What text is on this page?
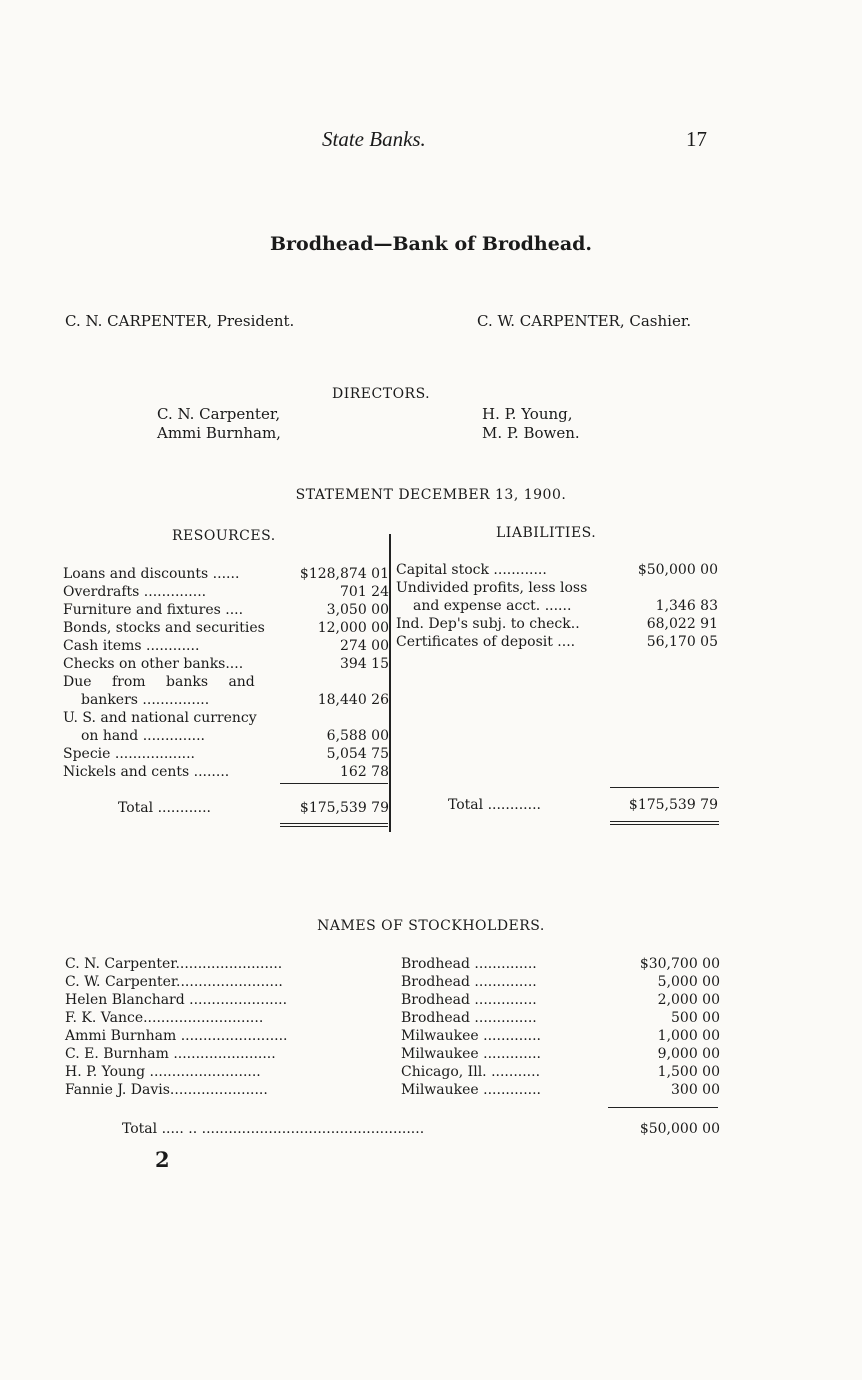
State Banks.	17
Brodhead—Bank of Brodhead.
C. N. CARPENTER, President.	C. W. CARPENTER, Cashier.
DIRECTORS.
C. N. Carpenter,
Ammi Burnham,
H. P. Young,
M. P. Bowen.
STATEMENT DECEMBER 13, 1900.
RESOURCES.	LIABILITIES.
Loans and discounts ......	$128,874 01
Overdrafts ..............	701 24
Furniture and fixtures ....	3,050 00
Bonds, stocks and securities	12,000 00
Cash items ............	274 00
Checks on other banks....	394 15
Due from banks and
bankers ...............	18,440 26
U. S. and national currency
on hand ..............	6,588 00
Specie ..................	5,054 75
Nickels and cents ........	162 78
Total ............	$175,539 79
Capital stock ............	$50,000 00
Undivided profits, less loss
and expense acct. ......	1,346 83
Ind. Dep's subj. to check..	68,022 91
Certificates of deposit ....	56,170 05
Total ............	$175,539 79
NAMES OF STOCKHOLDERS.
C. N. Carpenter........................	Brodhead ..............	$30,700 00
C. W. Carpenter........................	Brodhead ..............	5,000 00
Helen Blanchard ......................	Brodhead ..............	2,000 00
F. K. Vance...........................	Brodhead ..............	500 00
Ammi Burnham ........................	Milwaukee .............	1,000 00
C. E. Burnham .......................	Milwaukee .............	9,000 00
H. P. Young .........................	Chicago, Ill. ...........	1,500 00
Fannie J. Davis......................	Milwaukee .............	300 00
Total ..... .. ..................................................	$50,000 00
2
